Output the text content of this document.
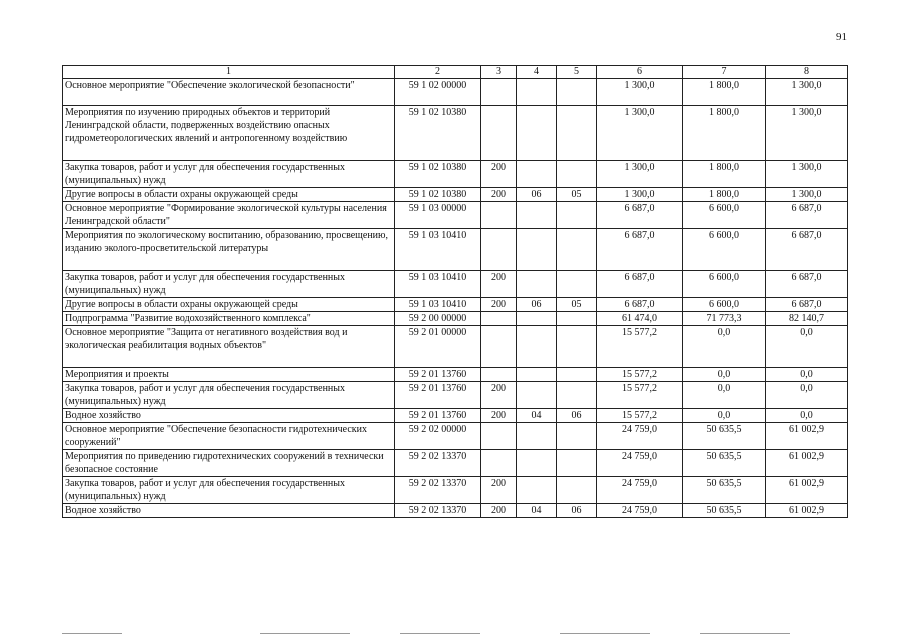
91
1	2	3	4	5	6	7	8
Основное мероприятие "Обеспечение экологической безопасности"	59 1 02 00000				1 300,0	1 800,0	1 300,0
Мероприятия по изучению природных объектов и территорий Ленинградской области, подверженных воздействию опасных гидрометеорологических явлений и антропогенному воздействию	59 1 02 10380				1 300,0	1 800,0	1 300,0
Закупка товаров, работ и услуг для обеспечения государственных (муниципальных) нужд	59 1 02 10380	200			1 300,0	1 800,0	1 300,0
Другие вопросы в области охраны окружающей среды	59 1 02 10380	200	06	05	1 300,0	1 800,0	1 300,0
Основное мероприятие "Формирование экологической культуры населения Ленинградской области"	59 1 03 00000				6 687,0	6 600,0	6 687,0
Мероприятия по экологическому воспитанию, образованию, просвещению, изданию эколого-просветительской литературы	59 1 03 10410				6 687,0	6 600,0	6 687,0
Закупка товаров, работ и услуг для обеспечения государственных (муниципальных) нужд	59 1 03 10410	200			6 687,0	6 600,0	6 687,0
Другие вопросы в области охраны окружающей среды	59 1 03 10410	200	06	05	6 687,0	6 600,0	6 687,0
Подпрограмма "Развитие водохозяйственного комплекса"	59 2 00 00000				61 474,0	71 773,3	82 140,7
Основное мероприятие "Защита от негативного воздействия вод и экологическая реабилитация водных объектов"	59 2 01 00000				15 577,2	0,0	0,0
Мероприятия и проекты	59 2 01 13760				15 577,2	0,0	0,0
Закупка товаров, работ и услуг для обеспечения государственных (муниципальных) нужд	59 2 01 13760	200			15 577,2	0,0	0,0
Водное хозяйство	59 2 01 13760	200	04	06	15 577,2	0,0	0,0
Основное мероприятие "Обеспечение безопасности гидротехнических сооружений"	59 2 02 00000				24 759,0	50 635,5	61 002,9
Мероприятия по приведению гидротехнических сооружений в технически безопасное состояние	59 2 02 13370				24 759,0	50 635,5	61 002,9
Закупка товаров, работ и услуг для обеспечения государственных (муниципальных) нужд	59 2 02 13370	200			24 759,0	50 635,5	61 002,9
Водное хозяйство	59 2 02 13370	200	04	06	24 759,0	50 635,5	61 002,9
